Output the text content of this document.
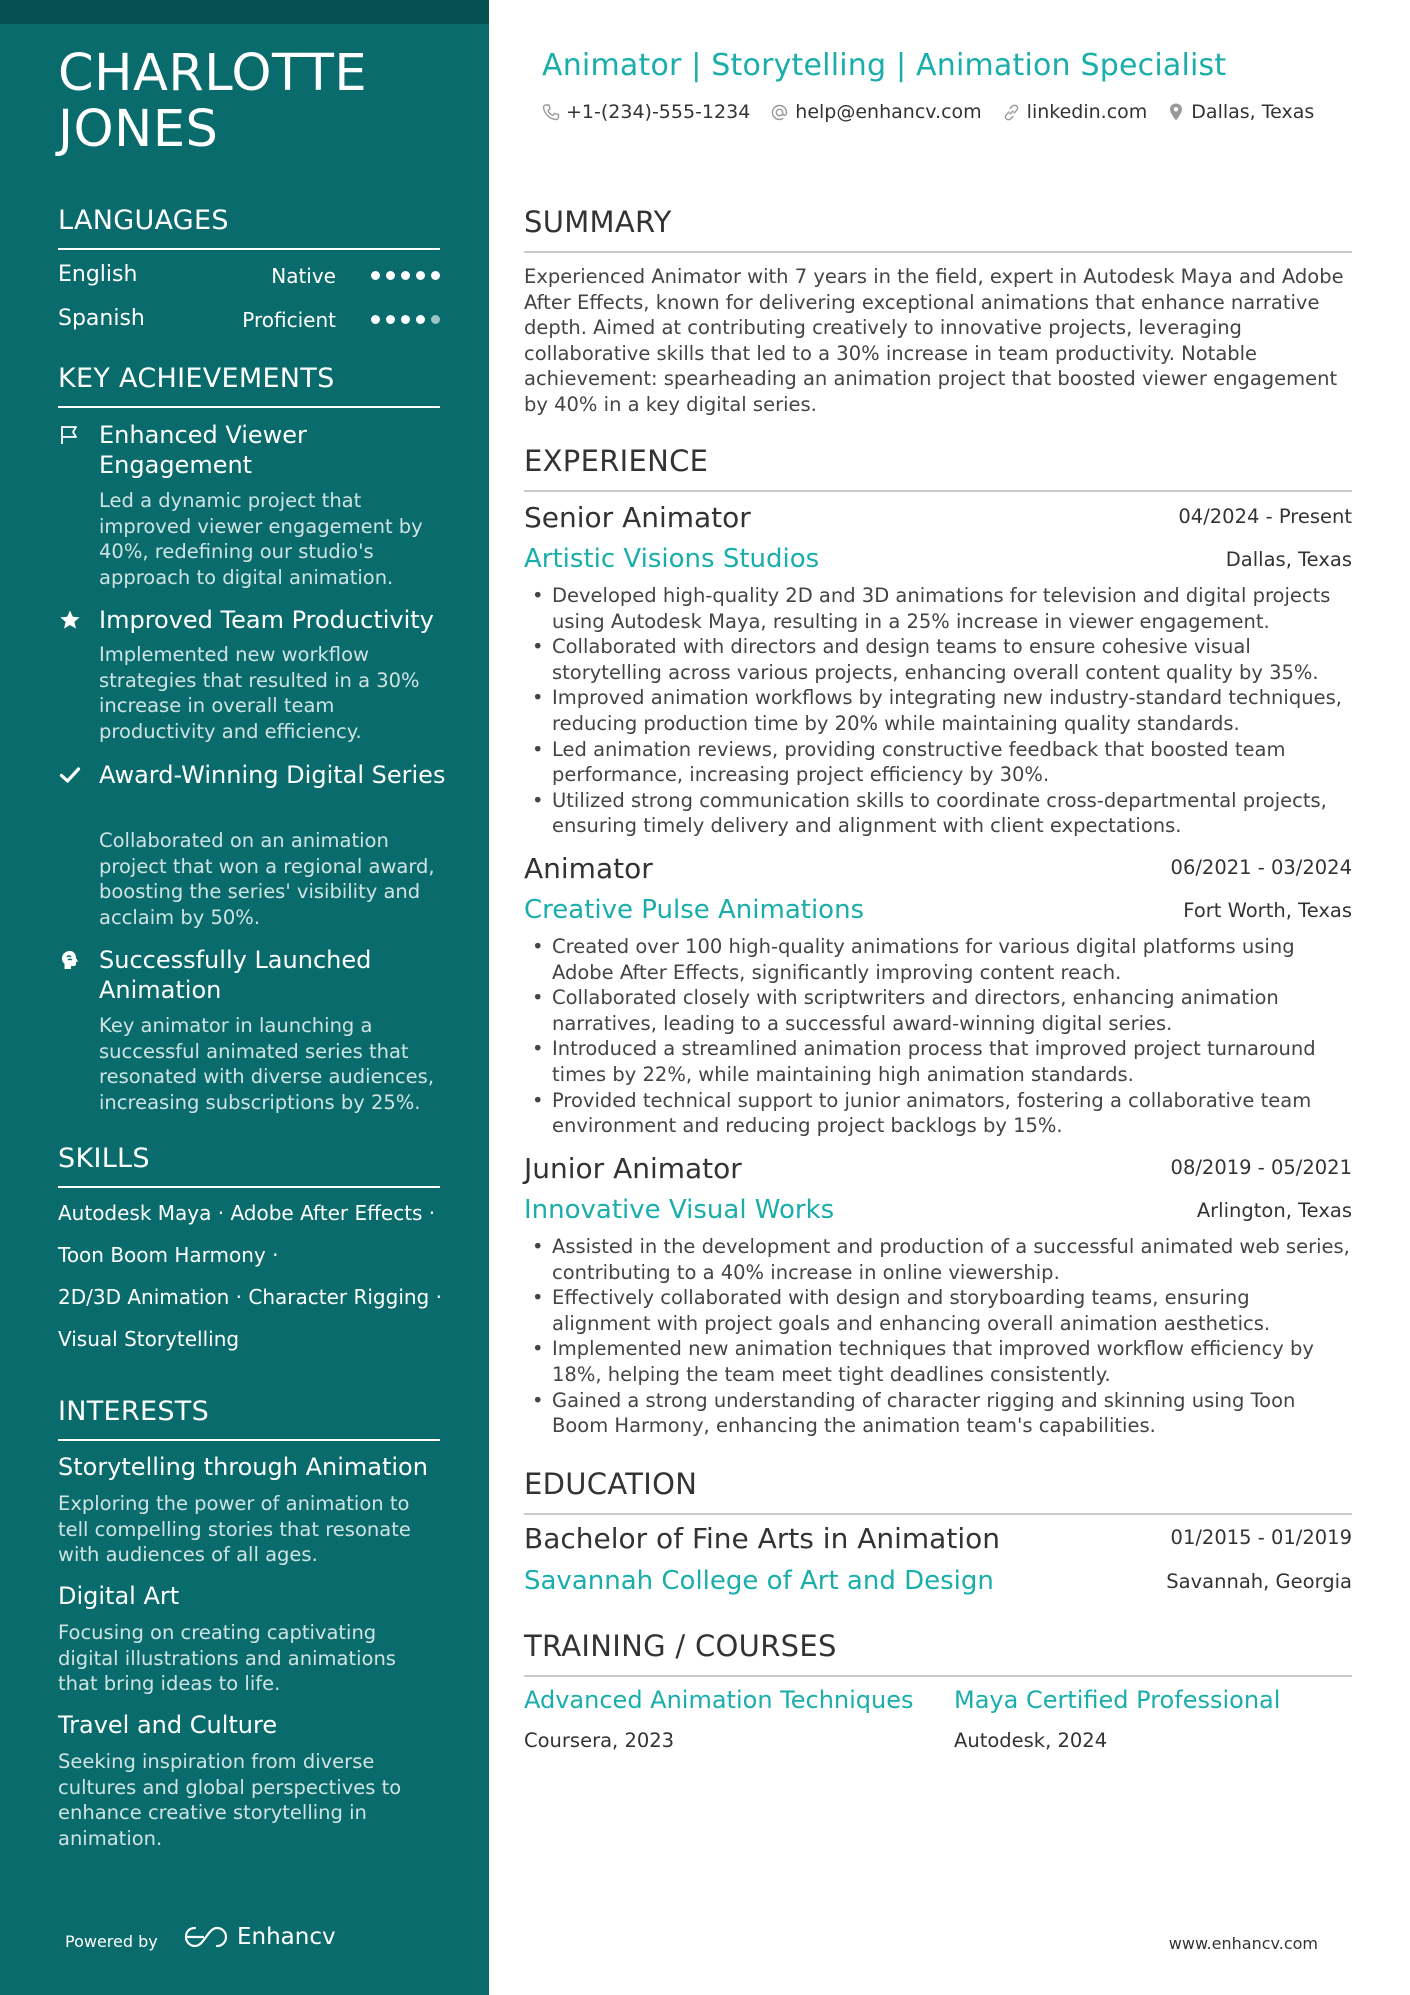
CHARLOTTE
JONES
LANGUAGES
English	Native
Spanish	Proficient
KEY ACHIEVEMENTS
Enhanced Viewer Engagement
Led a dynamic project that improved viewer engagement by 40%, redefining our studio's approach to digital animation.
Improved Team Productivity
Implemented new workflow strategies that resulted in a 30% increase in overall team productivity and efficiency.
Award-Winning Digital Series
Collaborated on an animation project that won a regional award, boosting the series' visibility and acclaim by 50%.
Successfully Launched Animation
Key animator in launching a successful animated series that resonated with diverse audiences, increasing subscriptions by 25%.
SKILLS
Autodesk Maya · Adobe After Effects ·
Toon Boom Harmony ·
2D/3D Animation · Character Rigging ·
Visual Storytelling
INTERESTS
Storytelling through Animation
Exploring the power of animation to tell compelling stories that resonate with audiences of all ages.
Digital Art
Focusing on creating captivating digital illustrations and animations that bring ideas to life.
Travel and Culture
Seeking inspiration from diverse cultures and global perspectives to enhance creative storytelling in animation.
Powered by	Enhancv
Animator | Storytelling | Animation Specialist
+1-(234)-555-1234 help@enhancv.com linkedin.com Dallas, Texas
SUMMARY
Experienced Animator with 7 years in the field, expert in Autodesk Maya and Adobe After Effects, known for delivering exceptional animations that enhance narrative depth. Aimed at contributing creatively to innovative projects, leveraging collaborative skills that led to a 30% increase in team productivity. Notable achievement: spearheading an animation project that boosted viewer engagement by 40% in a key digital series.
EXPERIENCE
Senior Animator	04/2024 - Present
Artistic Visions Studios	Dallas, Texas
• Developed high-quality 2D and 3D animations for television and digital projects using Autodesk Maya, resulting in a 25% increase in viewer engagement.
• Collaborated with directors and design teams to ensure cohesive visual storytelling across various projects, enhancing overall content quality by 35%.
• Improved animation workflows by integrating new industry-standard techniques, reducing production time by 20% while maintaining quality standards.
• Led animation reviews, providing constructive feedback that boosted team performance, increasing project efficiency by 30%.
• Utilized strong communication skills to coordinate cross-departmental projects, ensuring timely delivery and alignment with client expectations.
Animator	06/2021 - 03/2024
Creative Pulse Animations	Fort Worth, Texas
• Created over 100 high-quality animations for various digital platforms using Adobe After Effects, significantly improving content reach.
• Collaborated closely with scriptwriters and directors, enhancing animation narratives, leading to a successful award-winning digital series.
• Introduced a streamlined animation process that improved project turnaround times by 22%, while maintaining high animation standards.
• Provided technical support to junior animators, fostering a collaborative team environment and reducing project backlogs by 15%.
Junior Animator	08/2019 - 05/2021
Innovative Visual Works	Arlington, Texas
• Assisted in the development and production of a successful animated web series, contributing to a 40% increase in online viewership.
• Effectively collaborated with design and storyboarding teams, ensuring alignment with project goals and enhancing overall animation aesthetics.
• Implemented new animation techniques that improved workflow efficiency by 18%, helping the team meet tight deadlines consistently.
• Gained a strong understanding of character rigging and skinning using Toon Boom Harmony, enhancing the animation team's capabilities.
EDUCATION
Bachelor of Fine Arts in Animation	01/2015 - 01/2019
Savannah College of Art and Design	Savannah, Georgia
TRAINING / COURSES
Advanced Animation Techniques
Coursera, 2023
Maya Certified Professional
Autodesk, 2024
www.enhancv.com
